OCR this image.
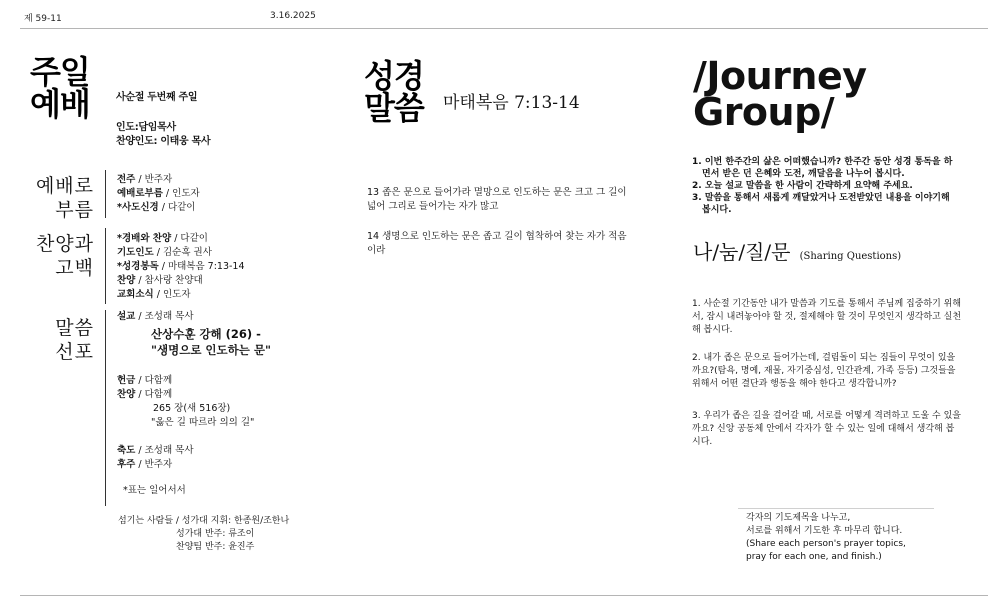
제 59-11	3.16.2025
주일
예배	사순절 두번째 주일
인도:담임목사
찬양인도: 이태웅 목사
예배로
부름
전주 / 반주자
예배로부름 / 인도자
*사도신경 / 다같이
찬양과
고백
*경배와 찬양 / 다같이
기도인도 / 김순흑 권사
*성경봉독 / 마태복음 7:13-14
찬양 / 참사랑 찬양대
교회소식 / 인도자
말씀
선포
설교 / 조성래 목사
산상수훈 강해 (26) -
"생명으로 인도하는 문"
헌금 / 다함께
찬양 / 다함께
265 장(새 516장)
"옳은 길 따르라 의의 길"
축도 / 조성래 목사
후주 / 반주자
*표는 일어서서
섬기는 사람들 / 성가대 지휘: 한종원/조한나
성가대 반주: 류조이
찬양팀 반주: 윤진주
성경
말씀 마태복음 7:13-14
13 좁은 문으로 들어가라 멸망으로 인도하는 문은 크고 그 길이 넓어 그리로 들어가는 자가 많고
14 생명으로 인도하는 문은 좁고 길이 협착하여 찾는 자가 적음이라
/Journey
Group/
1. 이번 한주간의 삶은 어떠했습니까? 한주간 동안 성경 통독을 하면서 받은 던 은혜와 도전, 깨달음을 나누어 봅시다.
2. 오늘 설교 말씀을 한 사람이 간략하게 요약해 주세요.
3. 말씀을 통해서 새롭게 깨달았거나 도전받았던 내용을 이야기해 봅시다.
나/눔/질/문 (Sharing Questions)
1. 사순절 기간동안 내가 말씀과 기도를 통해서 주님께 집중하기 위해서, 잠시 내려놓아야 할 것, 절제해야 할 것이 무엇인지 생각하고 실천해 봅시다.
2. 내가 좁은 문으로 들어가는데, 걸림돌이 되는 짐들이 무엇이 있을까요?(탐욕, 명예, 재물, 자기중심성, 인간관계, 가족 등등) 그것들을 위해서 어떤 결단과 행동을 해야 한다고 생각합니까?
3. 우리가 좁은 길을 걸어갈 때, 서로를 어떻게 격려하고 도울 수 있을까요? 신앙 공동체 안에서 각자가 할 수 있는 일에 대해서 생각해 봅시다.
각자의 기도제목을 나누고,
서로를 위해서 기도한 후 마무리 합니다.
(Share each person's prayer topics,
pray for each one, and finish.)
